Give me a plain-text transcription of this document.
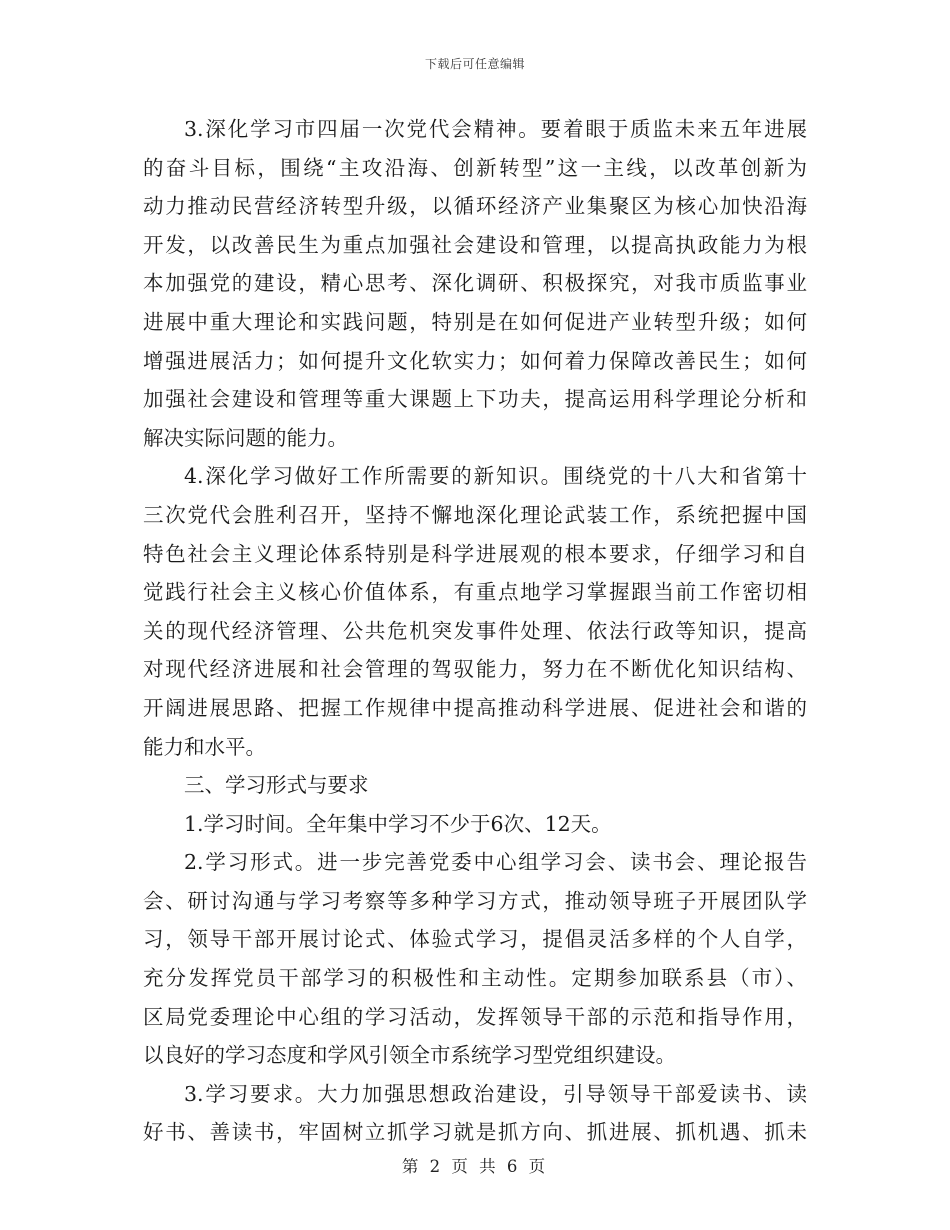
下载后可任意编辑
3.深化学习市四届一次党代会精神。要着眼于质监未来五年进展
的奋斗目标，围绕“主攻沿海、创新转型”这一主线，以改革创新为
动力推动民营经济转型升级，以循环经济产业集聚区为核心加快沿海
开发，以改善民生为重点加强社会建设和管理，以提高执政能力为根
本加强党的建设，精心思考、深化调研、积极探究，对我市质监事业
进展中重大理论和实践问题，特别是在如何促进产业转型升级；如何
增强进展活力；如何提升文化软实力；如何着力保障改善民生；如何
加强社会建设和管理等重大课题上下功夫，提高运用科学理论分析和
解决实际问题的能力。
4.深化学习做好工作所需要的新知识。围绕党的十八大和省第十
三次党代会胜利召开，坚持不懈地深化理论武装工作，系统把握中国
特色社会主义理论体系特别是科学进展观的根本要求，仔细学习和自
觉践行社会主义核心价值体系，有重点地学习掌握跟当前工作密切相
关的现代经济管理、公共危机突发事件处理、依法行政等知识，提高
对现代经济进展和社会管理的驾驭能力，努力在不断优化知识结构、
开阔进展思路、把握工作规律中提高推动科学进展、促进社会和谐的
能力和水平。
三、学习形式与要求
1.学习时间。全年集中学习不少于6次、12天。
2.学习形式。进一步完善党委中心组学习会、读书会、理论报告
会、研讨沟通与学习考察等多种学习方式，推动领导班子开展团队学
习，领导干部开展讨论式、体验式学习，提倡灵活多样的个人自学，
充分发挥党员干部学习的积极性和主动性。定期参加联系县（市）、
区局党委理论中心组的学习活动，发挥领导干部的示范和指导作用，
以良好的学习态度和学风引领全市系统学习型党组织建设。
3.学习要求。大力加强思想政治建设，引导领导干部爱读书、读
好书、善读书，牢固树立抓学习就是抓方向、抓进展、抓机遇、抓未
第 2 页 共 6 页
